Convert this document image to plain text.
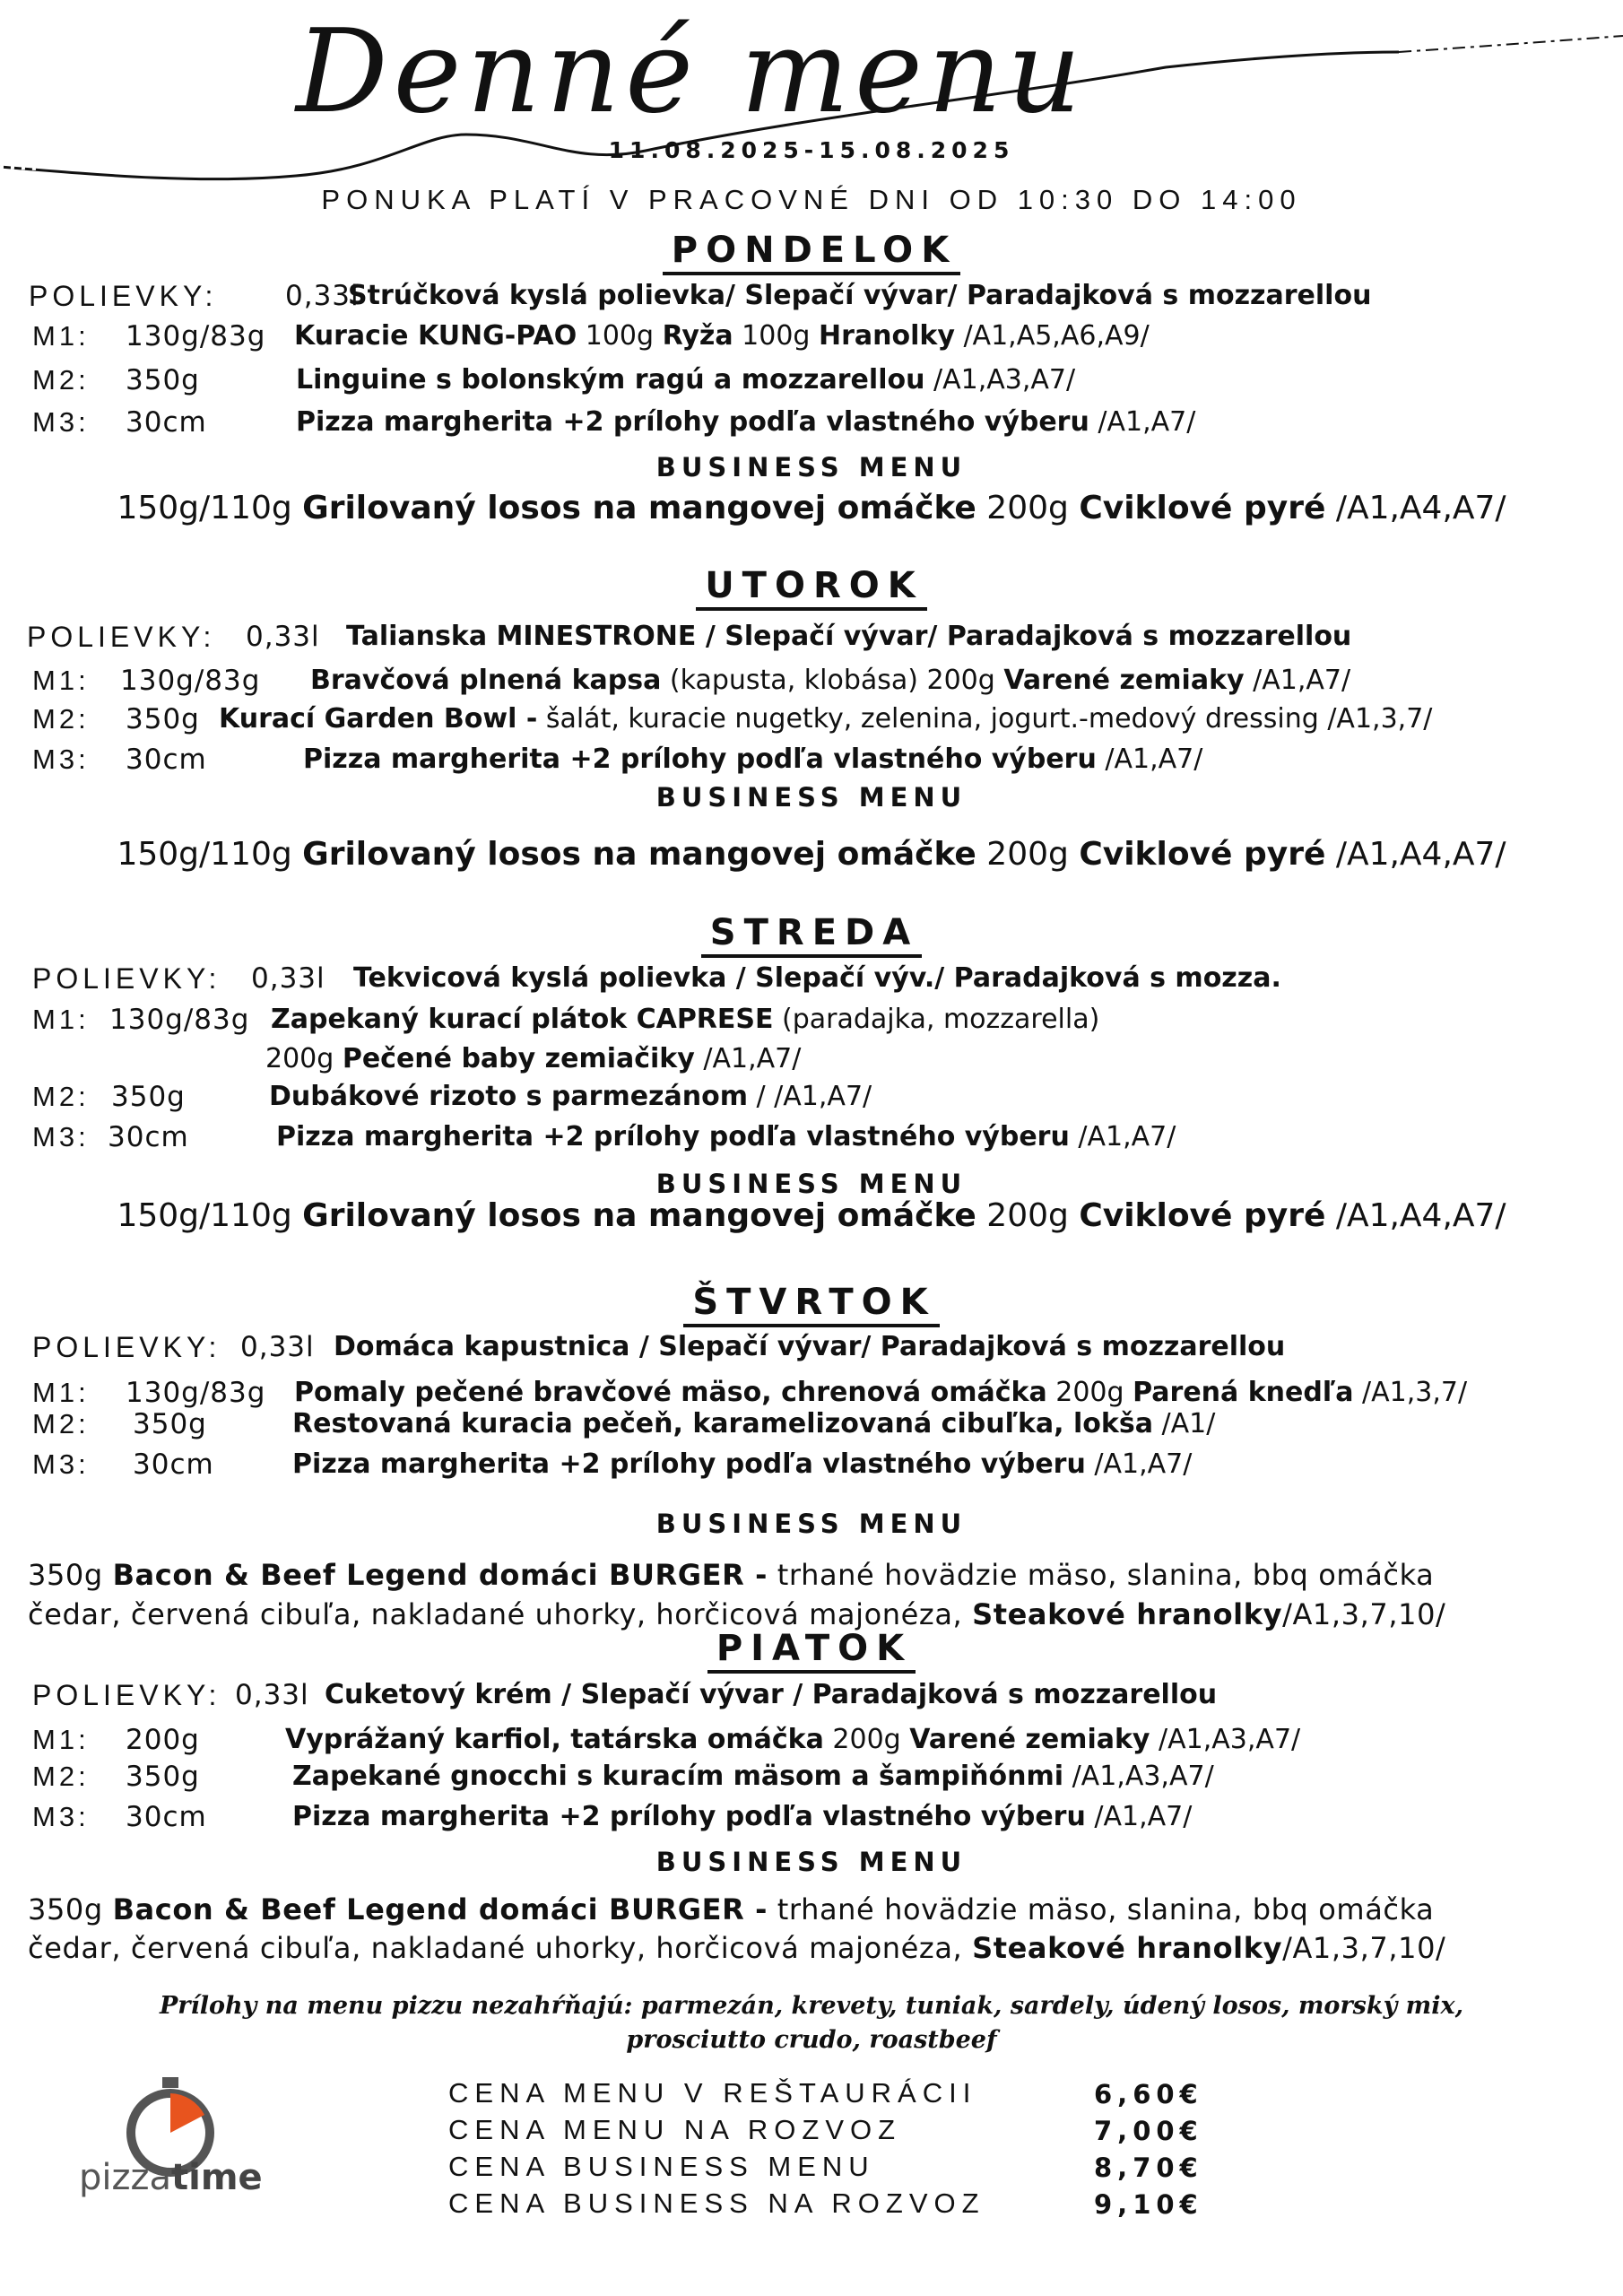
Denné menu
11.08.2025-15.08.2025
PONUKA PLATÍ V PRACOVNÉ DNI OD 10:30 DO 14:00
PONDELOK
POLIEVKY: 0,33l
Strúčková kyslá polievka/ Slepačí vývar/ Paradajková s mozzarellou
M1: 130g/83g Kuracie KUNG-PAO 100g Ryža 100g Hranolky /A1,A5,A6,A9/
M2: 350g	Linguine s bolonským ragú a mozzarellou /A1,A3,A7/
M3: 30cm	Pizza margherita +2 prílohy podľa vlastného výberu /A1,A7/
BUSINESS MENU
150g/110g Grilovaný losos na mangovej omáčke 200g Cviklové pyré /A1,A4,A7/
UTOROK
POLIEVKY: 0,33l Talianska MINESTRONE / Slepačí vývar/ Paradajková s mozzarellou
M1: 130g/83g Bravčová plnená kapsa (kapusta, klobása) 200g Varené zemiaky /A1,A7/
M2: 350g Kurací Garden Bowl - šalát, kuracie nugetky, zelenina, jogurt.-medový dressing /A1,3,7/
M3: 30cm	Pizza margherita +2 prílohy podľa vlastného výberu /A1,A7/
BUSINESS MENU
150g/110g Grilovaný losos na mangovej omáčke 200g Cviklové pyré /A1,A4,A7/
STREDA
POLIEVKY: 0,33l Tekvicová kyslá polievka / Slepačí výv./ Paradajková s mozza.
M1: 130g/83g Zapekaný kurací plátok CAPRESE (paradajka, mozzarella)
200g Pečené baby zemiačiky /A1,A7/
M2: 350g	Dubákové rizoto s parmezánom / /A1,A7/
M3: 30cm	Pizza margherita +2 prílohy podľa vlastného výberu /A1,A7/
BUSINESS MENU
150g/110g Grilovaný losos na mangovej omáčke 200g Cviklové pyré /A1,A4,A7/
ŠTVRTOK
POLIEVKY: 0,33l Domáca kapustnica / Slepačí vývar/ Paradajková s mozzarellou
M1: 130g/83g Pomaly pečené bravčové mäso, chrenová omáčka 200g Parená knedľa /A1,3,7/
M2: 350g	Restovaná kuracia pečeň, karamelizovaná cibuľka, lokša /A1/
M3: 30cm	Pizza margherita +2 prílohy podľa vlastného výberu /A1,A7/
BUSINESS MENU
350g Bacon & Beef Legend domáci BURGER - trhané hovädzie mäso, slanina, bbq omáčka
čedar, červená cibuľa, nakladané uhorky, horčicová majonéza, Steakové hranolky/A1,3,7,10/
PIATOK
POLIEVKY: 0,33l Cuketový krém / Slepačí vývar / Paradajková s mozzarellou
M1: 200g	Vyprážaný karfiol, tatárska omáčka 200g Varené zemiaky /A1,A3,A7/
M2: 350g	Zapekané gnocchi s kuracím mäsom a šampiňónmi /A1,A3,A7/
M3: 30cm	Pizza margherita +2 prílohy podľa vlastného výberu /A1,A7/
BUSINESS MENU
350g Bacon & Beef Legend domáci BURGER - trhané hovädzie mäso, slanina, bbq omáčka
čedar, červená cibuľa, nakladané uhorky, horčicová majonéza, Steakové hranolky/A1,3,7,10/
Prílohy na menu pizzu nezahŕňajú: parmezán, krevety, tuniak, sardely, údený losos, morský mix,
prosciutto crudo, roastbeef
pizzatime
CENA MENU V REŠTAURÁCII	6,60€
CENA MENU NA ROZVOZ	7,00€
CENA BUSINESS MENU	8,70€
CENA BUSINESS NA ROZVOZ	9,10€
